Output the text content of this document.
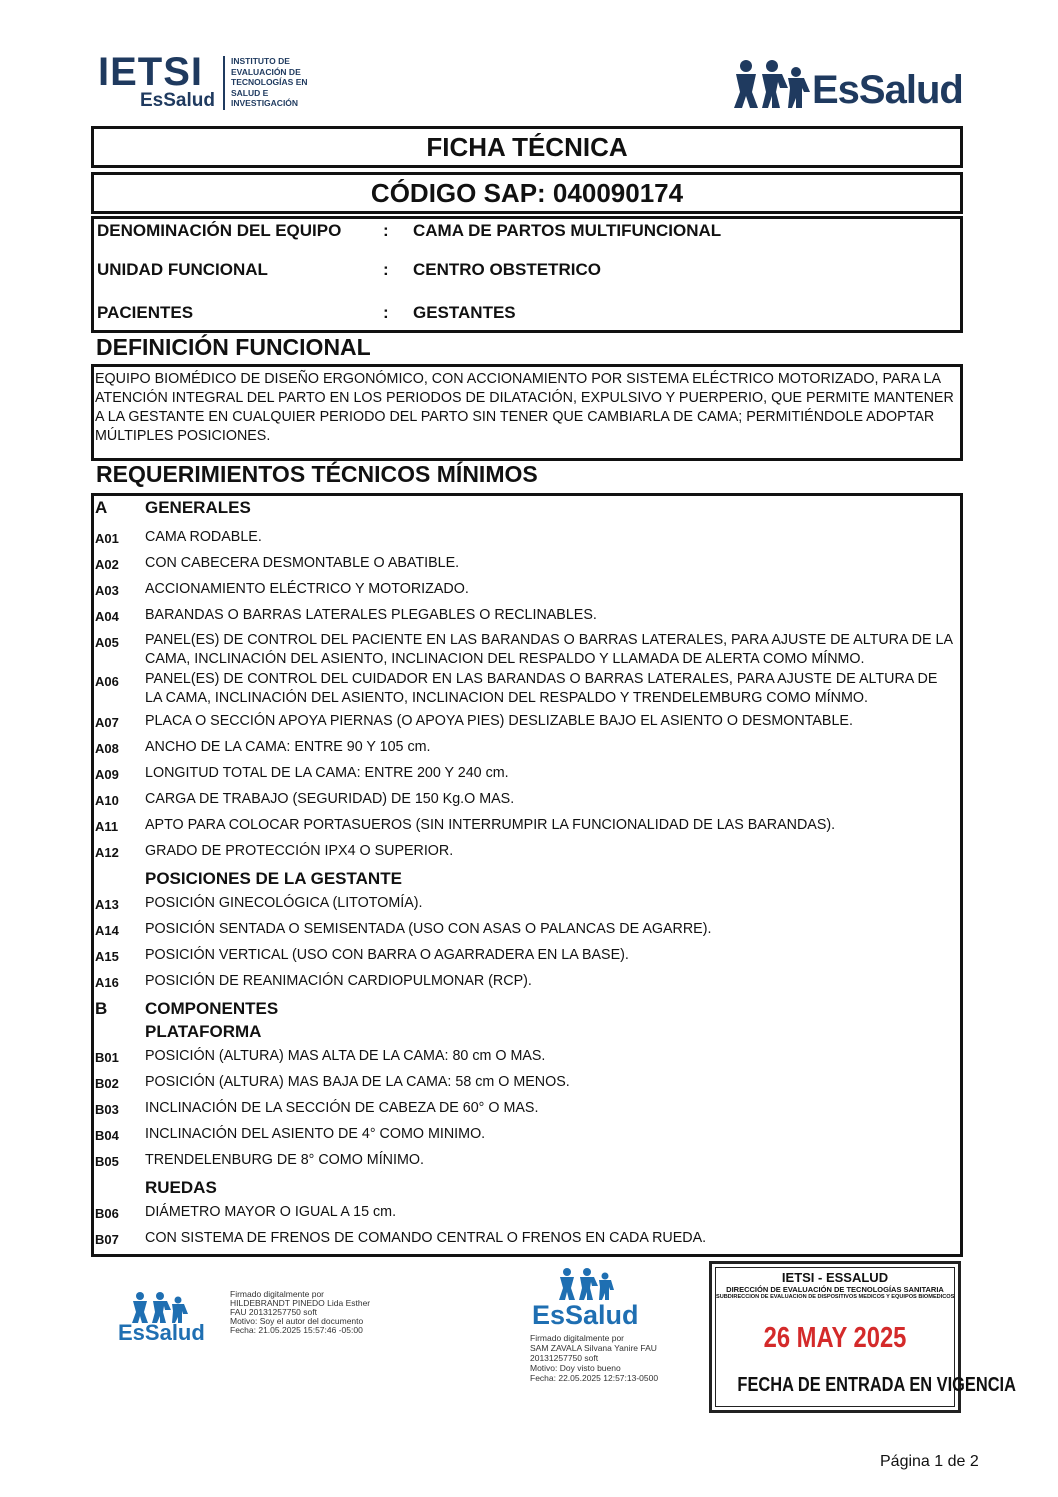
IETSI
EsSalud
INSTITUTO DE
EVALUACIÓN DE
TECNOLOGÍAS EN
SALUD E
INVESTIGACIÓN	EsSalud
FICHA TÉCNICA
CÓDIGO SAP: 040090174
DENOMINACIÓN DEL EQUIPO : CAMA DE PARTOS MULTIFUNCIONAL
UNIDAD FUNCIONAL	: CENTRO OBSTETRICO
PACIENTES	: GESTANTES
DEFINICIÓN FUNCIONAL
EQUIPO BIOMÉDICO DE DISEÑO ERGONÓMICO, CON ACCIONAMIENTO POR SISTEMA ELÉCTRICO MOTORIZADO, PARA LA ATENCIÓN INTEGRAL DEL PARTO EN LOS PERIODOS DE DILATACIÓN, EXPULSIVO Y PUERPERIO, QUE PERMITE MANTENER A LA GESTANTE EN CUALQUIER PERIODO DEL PARTO SIN TENER QUE CAMBIARLA DE CAMA; PERMITIÉNDOLE ADOPTAR MÚLTIPLES POSICIONES.
REQUERIMIENTOS TÉCNICOS MÍNIMOS
A GENERALES
A01 CAMA RODABLE.
A02 CON CABECERA DESMONTABLE O ABATIBLE.
A03 ACCIONAMIENTO ELÉCTRICO Y MOTORIZADO.
A04 BARANDAS O BARRAS LATERALES PLEGABLES O RECLINABLES.
A05 PANEL(ES) DE CONTROL DEL PACIENTE EN LAS BARANDAS O BARRAS LATERALES, PARA AJUSTE DE ALTURA DE LA CAMA, INCLINACIÓN DEL ASIENTO, INCLINACION DEL RESPALDO Y LLAMADA DE ALERTA COMO MÍNMO.
A06 PANEL(ES) DE CONTROL DEL CUIDADOR EN LAS BARANDAS O BARRAS LATERALES, PARA AJUSTE DE ALTURA DE LA CAMA, INCLINACIÓN DEL ASIENTO, INCLINACION DEL RESPALDO Y TRENDELEMBURG COMO MÍNMO.
A07 PLACA O SECCIÓN APOYA PIERNAS (O APOYA PIES) DESLIZABLE BAJO EL ASIENTO O DESMONTABLE.
A08 ANCHO DE LA CAMA: ENTRE 90 Y 105 cm.
A09 LONGITUD TOTAL DE LA CAMA: ENTRE 200 Y 240 cm.
A10 CARGA DE TRABAJO (SEGURIDAD) DE 150 Kg.O MAS.
A11 APTO PARA COLOCAR PORTASUEROS (SIN INTERRUMPIR LA FUNCIONALIDAD DE LAS BARANDAS).
A12 GRADO DE PROTECCIÓN IPX4 O SUPERIOR.
POSICIONES DE LA GESTANTE
A13 POSICIÓN GINECOLÓGICA (LITOTOMÍA).
A14 POSICIÓN SENTADA O SEMISENTADA (USO CON ASAS O PALANCAS DE AGARRE).
A15 POSICIÓN VERTICAL (USO CON BARRA O AGARRADERA EN LA BASE).
A16 POSICIÓN DE REANIMACIÓN CARDIOPULMONAR (RCP).
B COMPONENTES
PLATAFORMA
B01 POSICIÓN (ALTURA) MAS ALTA DE LA CAMA: 80 cm O MAS.
B02 POSICIÓN (ALTURA) MAS BAJA DE LA CAMA: 58 cm O MENOS.
B03 INCLINACIÓN DE LA SECCIÓN DE CABEZA DE 60° O MAS.
B04 INCLINACIÓN DEL ASIENTO DE 4° COMO MINIMO.
B05 TRENDELENBURG DE 8° COMO MÍNIMO.
RUEDAS
B06 DIÁMETRO MAYOR O IGUAL A 15 cm.
B07 CON SISTEMA DE FRENOS DE COMANDO CENTRAL O FRENOS EN CADA RUEDA.
EsSalud
Firmado digitalmente por
HILDEBRANDT PINEDO Lida Esther
FAU 20131257750 soft
Motivo: Soy el autor del documento
Fecha: 21.05.2025 15:57:46 -05:00	EsSalud
Firmado digitalmente por
SAM ZAVALA Silvana Yanire FAU
20131257750 soft
Motivo: Doy visto bueno
Fecha: 22.05.2025 12:57:13-0500
IETSI - ESSALUD
DIRECCIÓN DE EVALUACIÓN DE TECNOLOGÍAS SANITARIA
SUBDIRECCIÓN DE EVALUACIÓN DE DISPOSITIVOS MÉDICOS Y EQUIPOS BIOMÉDICOS
26 MAY 2025
FECHA DE ENTRADA EN VIGENCIA
Página 1 de 2
